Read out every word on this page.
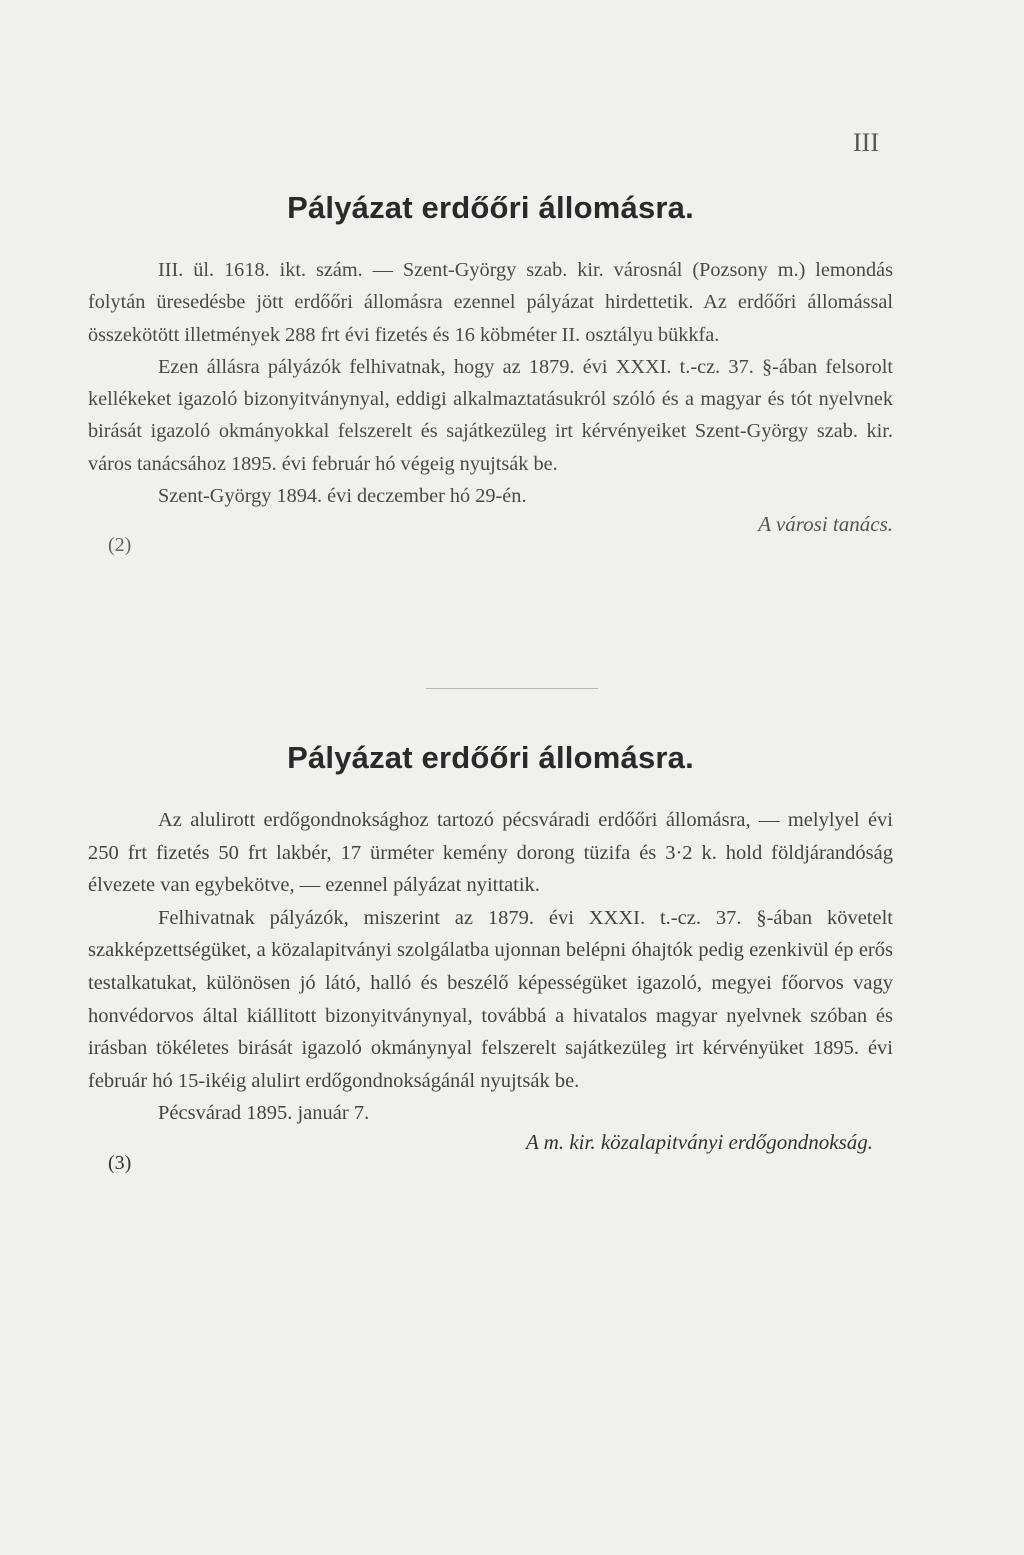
III
Pályázat erdőőri állomásra.

III. ül. 1618. ikt. szám. — Szent-György szab. kir. városnál (Pozsony m.) lemondás folytán üresedésbe jött erdőőri állomásra ezennel pályázat hirdettetik. Az erdőőri állomással összekötött illetmények 288 frt évi fizetés és 16 köbméter II. osztályu bükkfa.

Ezen állásra pályázók felhivatnak, hogy az 1879. évi XXXI. t.-cz. 37. §-ában felsorolt kellékeket igazoló bizonyitványnyal, eddigi alkalmaztatásukról szóló és a magyar és tót nyelvnek birását igazoló okmányokkal felszerelt és sajátkezüleg irt kérvényeiket Szent-György szab. kir. város tanácsához 1895. évi február hó végeig nyujtsák be.

Szent-György 1894. évi deczember hó 29-én.

A városi tanács.
(2)
Pályázat erdőőri állomásra.

Az alulirott erdőgondnoksághoz tartozó pécsváradi erdőőri állomásra, — melylyel évi 250 frt fizetés 50 frt lakbér, 17 ürméter kemény dorong tüzifa és 3·2 k. hold földjárandóság élvezete van egybekötve, — ezennel pályázat nyittatik.

Felhivatnak pályázók, miszerint az 1879. évi XXXI. t.-cz. 37. §-ában követelt szakképzettségüket, a közalapitványi szolgálatba ujonnan belépni óhajtók pedig ezenkivül ép erős testalkatukat, különösen jó látó, halló és beszélő képességüket igazoló, megyei főorvos vagy honvédorvos által kiállitott bizonyitványnyal, továbbá a hivatalos magyar nyelvnek szóban és irásban tökéletes birását igazoló okmánynyal felszerelt sajátkezüleg irt kérvényüket 1895. évi február hó 15-ikéig alulirt erdőgondnokságánál nyujtsák be.

Pécsvárad 1895. január 7.

A m. kir. közalapitványi erdőgondnokság.
(3)
